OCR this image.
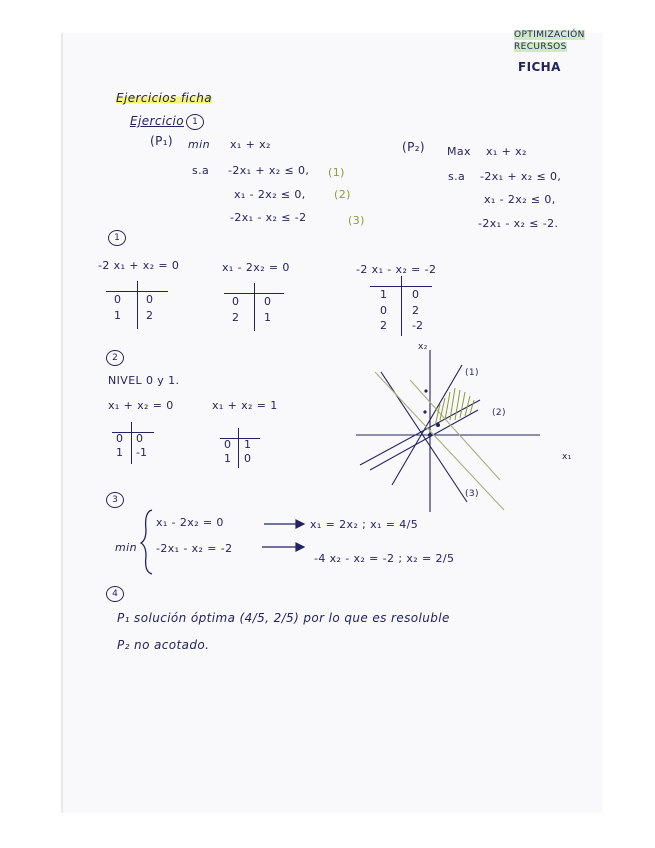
OPTIMIZACIÓN
RECURSOS
FICHA
Ejercicios ficha
Ejercicio 1
(P₁) min x₁ + x₂
s.a -2x₁ + x₂ ≤ 0, (1)
x₁ - 2x₂ ≤ 0,	(2)
-2x₁ - x₂ ≤ -2	(3)
(P₂) Max x₁ + x₂
s.a -2x₁ + x₂ ≤ 0,
x₁ - 2x₂ ≤ 0,
-2x₁ - x₂ ≤ -2.
1
-2 x₁ + x₂ = 0	x₁ - 2x₂ = 0	-2 x₁ - x₂ = -2
0 0
1 2
0 0
2 1
1 0
0 2
2 -2
2
NIVEL 0 y 1.
x₁ + x₂ = 0	x₁ + x₂ = 1
0 0
1 -1
0 1
1 0
x₂
x₁
(1)
(2)
(3)
3
min
x₁ - 2x₂ = 0	x₁ = 2x₂ ; x₁ = 4/5
-2x₁ - x₂ = -2
-4 x₂ - x₂ = -2 ; x₂ = 2/5
4
P₁ solución óptima (4/5, 2/5) por lo que es resoluble
P₂ no acotado.
